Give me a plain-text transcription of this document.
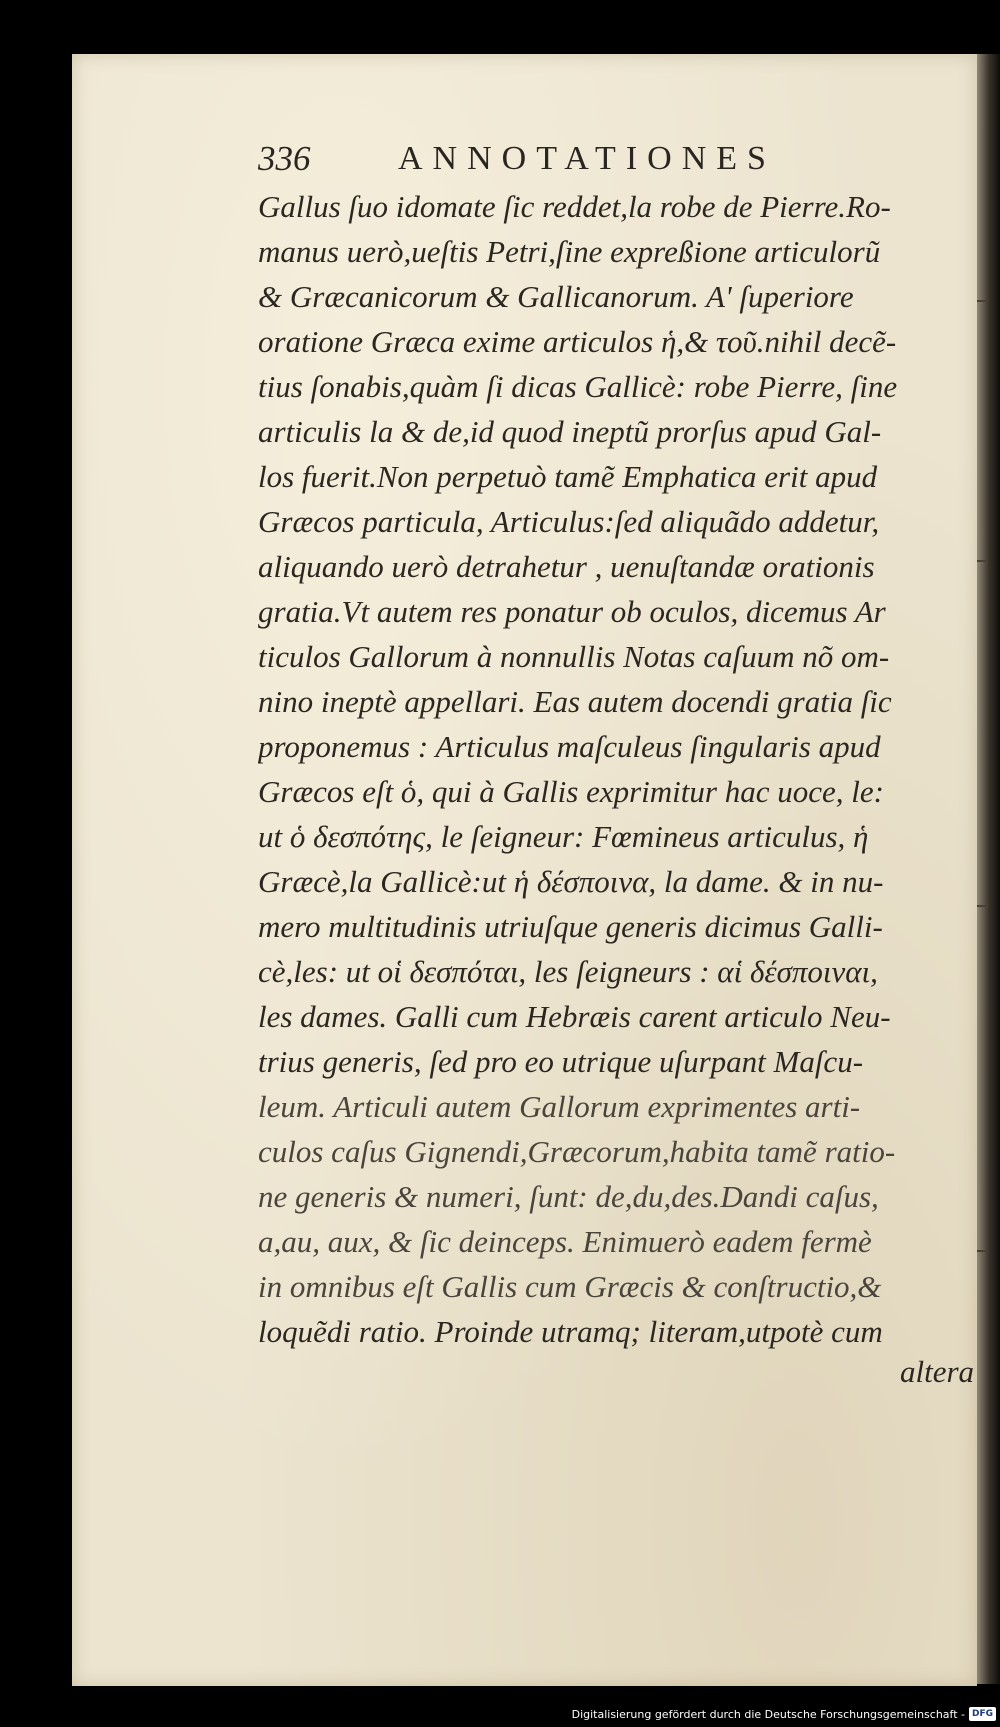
336	ANNOTATIONES
Gallus ſuo idomate ſic reddet,la robe de Pierre.Ro-
manus uerò,ueſtis Petri,ſine expreßione articulorũ
& Græcanicorum & Gallicanorum. A' ſuperiore
oratione Græca exime articulos ἡ,& τοῦ.nihil decẽ-
tius ſonabis,quàm ſi dicas Gallicè: robe Pierre, ſine
articulis la & de,id quod ineptũ prorſus apud Gal-
los fuerit.Non perpetuò tamẽ Emphatica erit apud
Græcos particula, Articulus:ſed aliquãdo addetur,
aliquando uerò detrahetur , uenuſtandæ orationis
gratia.Vt autem res ponatur ob oculos, dicemus Ar
ticulos Gallorum à nonnullis Notas caſuum nõ om-
nino ineptè appellari. Eas autem docendi gratia ſic
proponemus : Articulus maſculeus ſingularis apud
Græcos eſt ὁ, qui à Gallis exprimitur hac uoce, le:
ut ὁ δεσπότης, le ſeigneur: Fœmineus articulus, ἡ
Græcè,la Gallicè:ut ἡ δέσποινα, la dame. & in nu-
mero multitudinis utriuſque generis dicimus Galli-
cè,les: ut οἱ δεσπόται, les ſeigneurs : αἱ δέσποιναι,
les dames. Galli cum Hebræis carent articulo Neu-
trius generis, ſed pro eo utrique uſurpant Maſcu-
leum. Articuli autem Gallorum exprimentes arti-
culos caſus Gignendi,Græcorum,habita tamẽ ratio-
ne generis & numeri, ſunt: de,du,des.Dandi caſus,
a,au, aux, & ſic deinceps. Enimuerò eadem fermè
in omnibus eſt Gallis cum Græcis & conſtructio,&
loquẽdi ratio. Proinde utramq; literam,utpotè cum
altera
Digitalisierung gefördert durch die Deutsche Forschungsgemeinschaft - DFG
